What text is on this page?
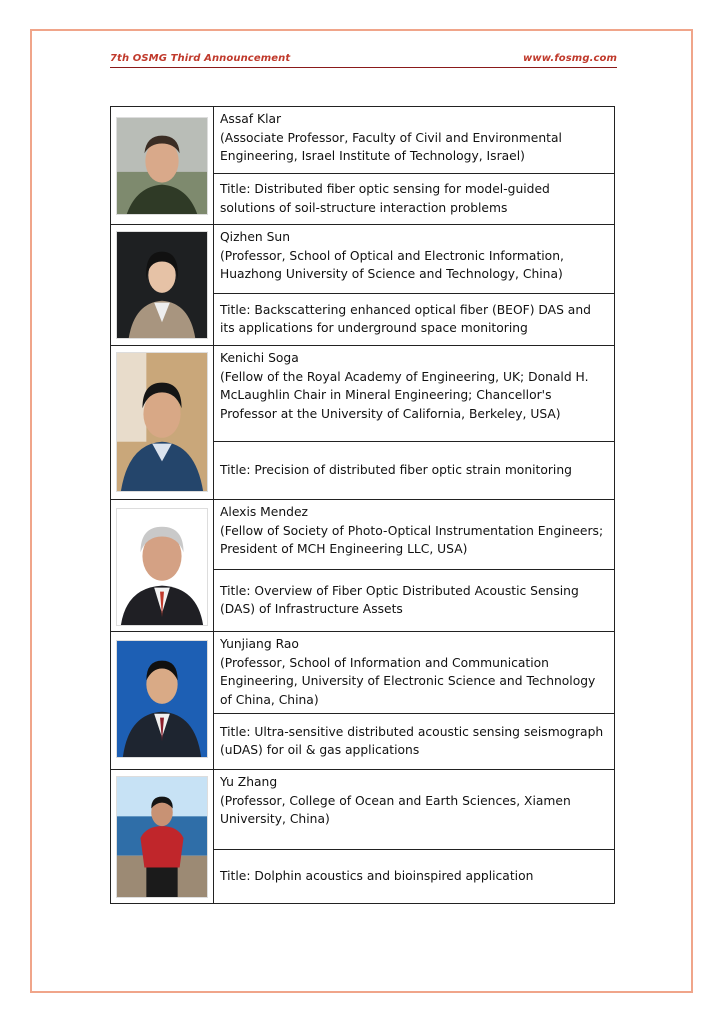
7th OSMG Third Announcement	www.fosmg.com

Assaf Klar
(Associate Professor, Faculty of Civil and Environmental Engineering, Israel Institute of Technology, Israel)

	Title: Distributed fiber optic sensing for model-guided solutions of soil-structure interaction problems

Qizhen Sun
(Professor, School of Optical and Electronic Information, Huazhong University of Science and Technology, China)

	Title: Backscattering enhanced optical fiber (BEOF) DAS and its applications for underground space monitoring

Kenichi Soga
(Fellow of the Royal Academy of Engineering, UK; Donald H. McLaughlin Chair in Mineral Engineering; Chancellor's Professor at the University of California, Berkeley, USA)

	Title: Precision of distributed fiber optic strain monitoring

Alexis Mendez
(Fellow of Society of Photo-Optical Instrumentation Engineers; President of MCH Engineering LLC, USA)

	Title: Overview of Fiber Optic Distributed Acoustic Sensing (DAS) of Infrastructure Assets

Yunjiang Rao
(Professor, School of Information and Communication Engineering, University of Electronic Science and Technology of China, China)

	Title: Ultra-sensitive distributed acoustic sensing seismograph (uDAS) for oil & gas applications

Yu Zhang
(Professor, College of Ocean and Earth Sciences, Xiamen University, China)

	Title: Dolphin acoustics and bioinspired application
